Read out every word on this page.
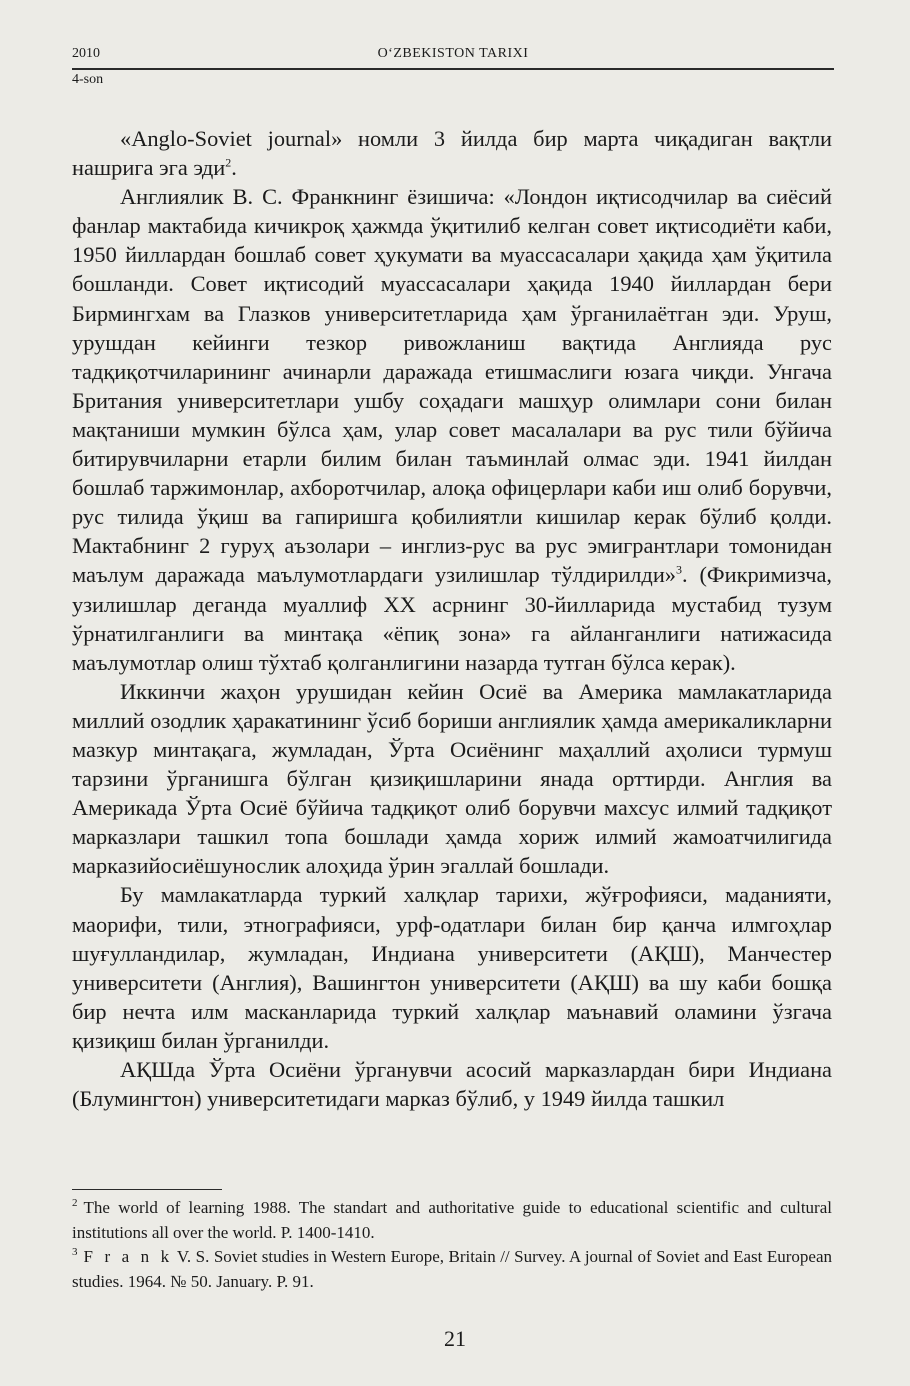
2010	O‘ZBEKISTON TARIXI
4-son

«Anglo-Soviet journal» номли 3 йилда бир марта чиқадиган вақтли нашрига эга эди$^2$.

Англиялик В. С. Франкнинг ёзишича: «Лондон иқтисодчилар ва сиёсий фанлар мактабида кичикроқ ҳажмда ўқитилиб келган совет иқтисодиёти каби, 1950 йиллардан бошлаб совет ҳукумати ва муассасалари ҳақида ҳам ўқитила бошланди. Совет иқтисодий муассасалари ҳақида 1940 йиллардан бери Бирмингхам ва Глазков университетларида ҳам ўрганилаётган эди. Уруш, урушдан кейинги тезкор ривожланиш вақтида Англияда рус тадқиқотчиларининг ачинарли даражада етишмаслиги юзага чиқди. Унгача Британия университетлари ушбу соҳадаги машҳур олимлари сони билан мақтаниши мумкин бўлса ҳам, улар совет масалалари ва рус тили бўйича битирувчиларни етарли билим билан таъминлай олмас эди. 1941 йилдан бошлаб таржимонлар, ахборотчилар, алоқа офицерлари каби иш олиб борувчи, рус тилида ўқиш ва гапиришга қобилиятли кишилар керак бўлиб қолди. Мактабнинг 2 гуруҳ аъзолари – инглиз-рус ва рус эмигрантлари томонидан маълум даражада маълумотлардаги узилишлар тўлдирилди»$^3$. (Фикримизча, узилишлар деганда муаллиф XX асрнинг 30-йилларида мустабид тузум ўрнатилганлиги ва минтақа «ёпиқ зона» га айланганлиги натижасида маълумотлар олиш тўхтаб қолганлигини назарда тутган бўлса керак).

Иккинчи жаҳон урушидан кейин Осиё ва Америка мамлакатларида миллий озодлик ҳаракатининг ўсиб бориши англиялик ҳамда америкаликларни мазкур минтақага, жумладан, Ўрта Осиёнинг маҳаллий аҳолиси турмуш тарзини ўрганишга бўлган қизиқишларини янада орттирди. Англия ва Америкада Ўрта Осиё бўйича тадқиқот олиб борувчи махсус илмий тадқиқот марказлари ташкил топа бошлади ҳамда хориж илмий жамоатчилигида марказийосиёшунослик алоҳида ўрин эгаллай бошлади.

Бу мамлакатларда туркий халқлар тарихи, жўғрофияси, маданияти, маорифи, тили, этнографияси, урф-одатлари билан бир қанча илмгоҳлар шуғулландилар, жумладан, Индиана университети (АҚШ), Манчестер университети (Англия), Вашингтон университети (АҚШ) ва шу каби бошқа бир нечта илм масканларида туркий халқлар маънавий оламини ўзгача қизиқиш билан ўрганилди.

АҚШда Ўрта Осиёни ўрганувчи асосий марказлардан бири Индиана (Блумингтон) университетидаги марказ бўлиб, у 1949 йилда ташкил

$^2$ The world of learning 1988. The standart and authoritative guide to educational scientific and cultural institutions all over the world. P. 1400-1410.

$^3$ F r a n k V. S. Soviet studies in Western Europe, Britain // Survey. A journal of Soviet and East European studies. 1964. № 50. January. P. 91.

21
